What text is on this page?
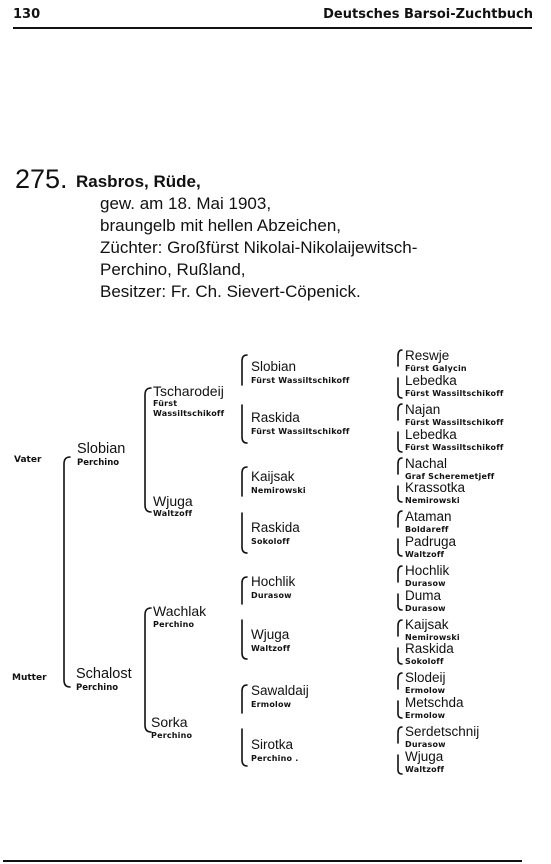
130	Deutsches Barsoi-Zuchtbuch
275. Rasbros, Rüde,
gew. am 18. Mai 1903,
braungelb mit hellen Abzeichen,
Züchter: Großfürst Nikolai-Nikolaijewitsch-
Perchino, Rußland,
Besitzer: Fr. Ch. Sievert-Cöpenick.
Vater
Mutter
Slobian
Perchino
Schalost
Perchino
Tscharodeij
Fürst
Wassiltschikoff
Wjuga
Waltzoff
Wachlak
Perchino
Sorka
Perchino
Slobian
Fürst Wassiltschikoff
Raskida
Fürst Wassiltschikoff
Kaijsak
Nemirowski
Raskida
Sokoloff
Hochlik
Durasow
Wjuga
Waltzoff
Sawaldaij
Ermolow
Sirotka
Perchino .
Reswje
Fürst Galycin
Lebedka
Fürst Wassiltschikoff
Najan
Fürst Wassiltschikoff
Lebedka
Fürst Wassiltschikoff
Nachal
Graf Scheremetjeff
Krassotka
Nemirowski
Ataman
Boldareff
Padruga
Waltzoff
Hochlik
Durasow
Duma
Durasow
Kaijsak
Nemirowski
Raskida
Sokoloff
Slodeij
Ermolow
Metschda
Ermolow
Serdetschnij
Durasow
Wjuga
Waltzoff
